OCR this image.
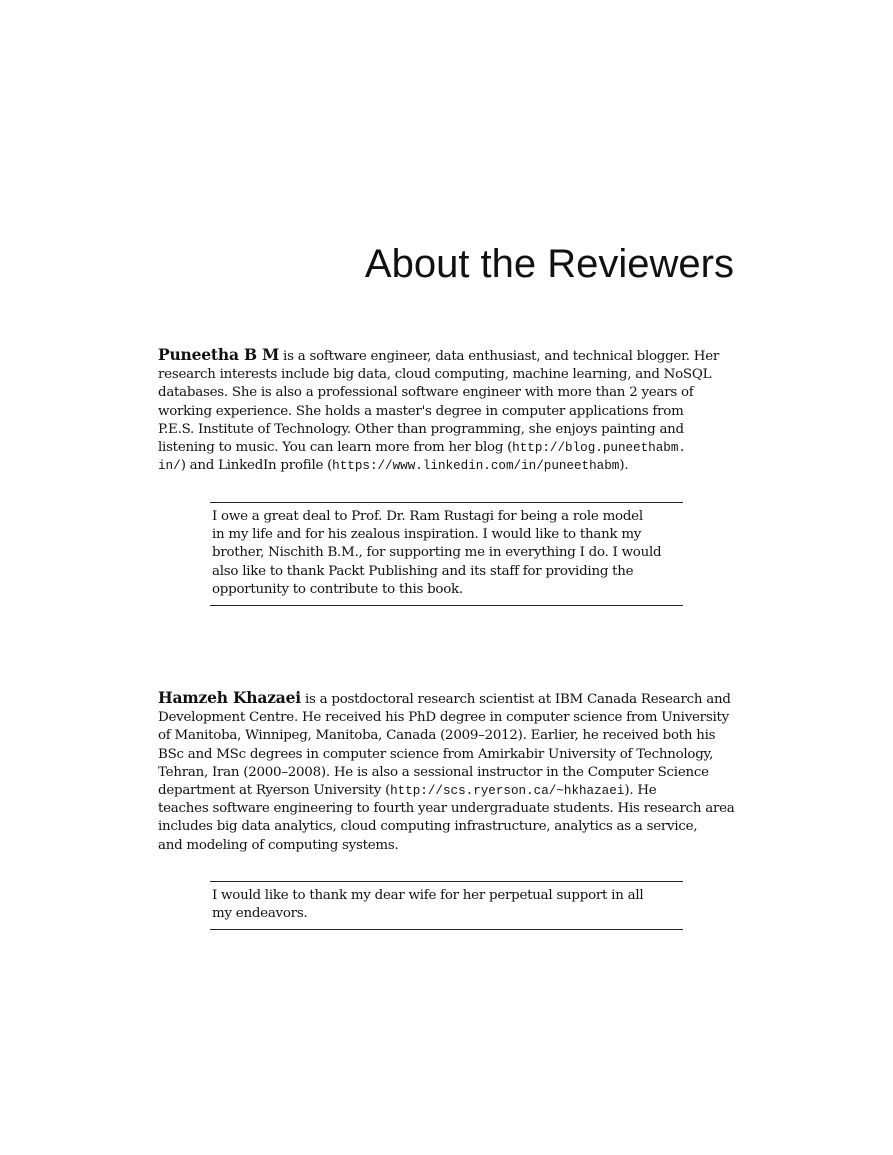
About the Reviewers

Puneetha B M is a software engineer, data enthusiast, and technical blogger. Her
research interests include big data, cloud computing, machine learning, and NoSQL
databases. She is also a professional software engineer with more than 2 years of
working experience. She holds a master's degree in computer applications from
P.E.S. Institute of Technology. Other than programming, she enjoys painting and
listening to music. You can learn more from her blog (http://blog.puneethabm.
in/) and LinkedIn profile (https://www.linkedin.com/in/puneethabm).

I owe a great deal to Prof. Dr. Ram Rustagi for being a role model
in my life and for his zealous inspiration. I would like to thank my
brother, Nischith B.M., for supporting me in everything I do. I would
also like to thank Packt Publishing and its staff for providing the
opportunity to contribute to this book.

Hamzeh Khazaei is a postdoctoral research scientist at IBM Canada Research and
Development Centre. He received his PhD degree in computer science from University
of Manitoba, Winnipeg, Manitoba, Canada (2009–2012). Earlier, he received both his
BSc and MSc degrees in computer science from Amirkabir University of Technology,
Tehran, Iran (2000–2008). He is also a sessional instructor in the Computer Science
department at Ryerson University (http://scs.ryerson.ca/~hkhazaei). He
teaches software engineering to fourth year undergraduate students. His research area
includes big data analytics, cloud computing infrastructure, analytics as a service,
and modeling of computing systems.

I would like to thank my dear wife for her perpetual support in all
my endeavors.
